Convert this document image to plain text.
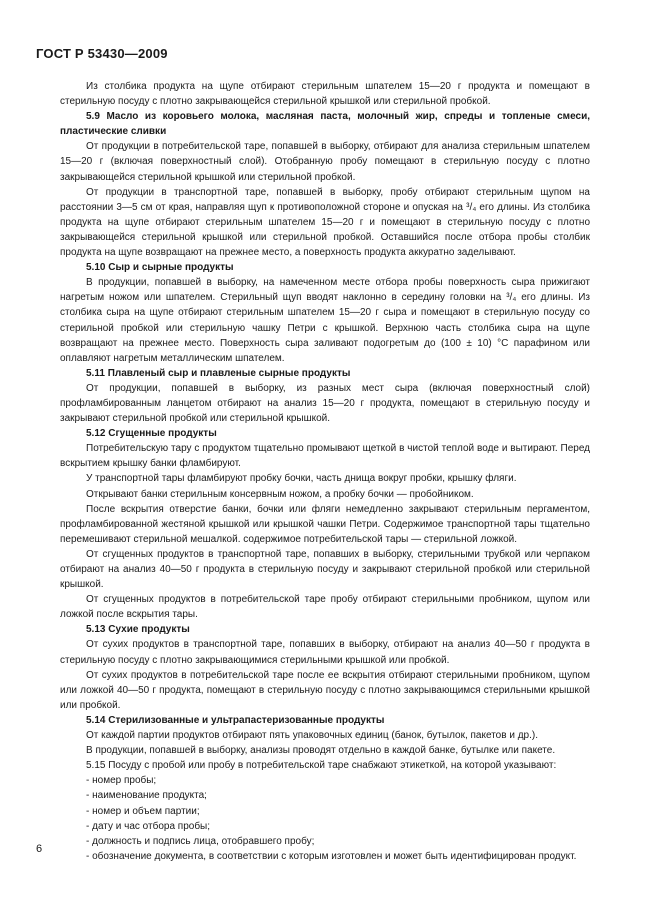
ГОСТ Р 53430—2009

Из столбика продукта на щупе отбирают стерильным шпателем 15—20 г продукта и помещают в стерильную посуду с плотно закрывающейся стерильной крышкой или стерильной пробкой.

5.9 Масло из коровьего молока, масляная паста, молочный жир, спреды и топленые смеси, пластические сливки

От продукции в потребительской таре, попавшей в выборку, отбирают для анализа стерильным шпателем 15—20 г (включая поверхностный слой). Отобранную пробу помещают в стерильную посуду с плотно закрывающейся стерильной крышкой или стерильной пробкой.

От продукции в транспортной таре, попавшей в выборку, пробу отбирают стерильным щупом на расстоянии 3—5 см от края, направляя щуп к противоположной стороне и опуская на ³/₄ его длины. Из столбика продукта на щупе отбирают стерильным шпателем 15—20 г и помещают в стерильную посуду с плотно закрывающейся стерильной крышкой или стерильной пробкой. Оставшийся после отбора пробы столбик продукта на щупе возвращают на прежнее место, а поверхность продукта аккуратно заделывают.

5.10 Сыр и сырные продукты

В продукции, попавшей в выборку, на намеченном месте отбора пробы поверхность сыра прижигают нагретым ножом или шпателем. Стерильный щуп вводят наклонно в середину головки на ³/₄ его длины. Из столбика сыра на щупе отбирают стерильным шпателем 15—20 г сыра и помещают в стерильную посуду со стерильной пробкой или стерильную чашку Петри с крышкой. Верхнюю часть столбика сыра на щупе возвращают на прежнее место. Поверхность сыра заливают подогретым до (100 ± 10) °С парафином или оплавляют нагретым металлическим шпателем.

5.11 Плавленый сыр и плавленые сырные продукты

От продукции, попавшей в выборку, из разных мест сыра (включая поверхностный слой) профламбированным ланцетом отбирают на анализ 15—20 г продукта, помещают в стерильную посуду и закрывают стерильной пробкой или стерильной крышкой.

5.12 Сгущенные продукты

Потребительскую тару с продуктом тщательно промывают щеткой в чистой теплой воде и вытирают. Перед вскрытием крышку банки фламбируют.

У транспортной тары фламбируют пробку бочки, часть днища вокруг пробки, крышку фляги.

Открывают банки стерильным консервным ножом, а пробку бочки — пробойником.

После вскрытия отверстие банки, бочки или фляги немедленно закрывают стерильным пергаментом, профламбированной жестяной крышкой или крышкой чашки Петри. Содержимое транспортной тары тщательно перемешивают стерильной мешалкой. содержимое потребительской тары — стерильной ложкой.

От сгущенных продуктов в транспортной таре, попавших в выборку, стерильными трубкой или черпаком отбирают на анализ 40—50 г продукта в стерильную посуду и закрывают стерильной пробкой или стерильной крышкой.

От сгущенных продуктов в потребительской таре пробу отбирают стерильными пробником, щупом или ложкой после вскрытия тары.

5.13 Сухие продукты

От сухих продуктов в транспортной таре, попавших в выборку, отбирают на анализ 40—50 г продукта в стерильную посуду с плотно закрывающимися стерильными крышкой или пробкой.

От сухих продуктов в потребительской таре после ее вскрытия отбирают стерильными пробником, щупом или ложкой 40—50 г продукта, помещают в стерильную посуду с плотно закрывающимся стерильными крышкой или пробкой.

5.14 Стерилизованные и ультрапастеризованные продукты

От каждой партии продуктов отбирают пять упаковочных единиц (банок, бутылок, пакетов и др.).

В продукции, попавшей в выборку, анализы проводят отдельно в каждой банке, бутылке или пакете.

5.15 Посуду с пробой или пробу в потребительской таре снабжают этикеткой, на которой указывают:

- номер пробы;

- наименование продукта;

- номер и объем партии;

- дату и час отбора пробы;

- должность и подпись лица, отобравшего пробу;

- обозначение документа, в соответствии с которым изготовлен и может быть идентифицирован продукт.

6
